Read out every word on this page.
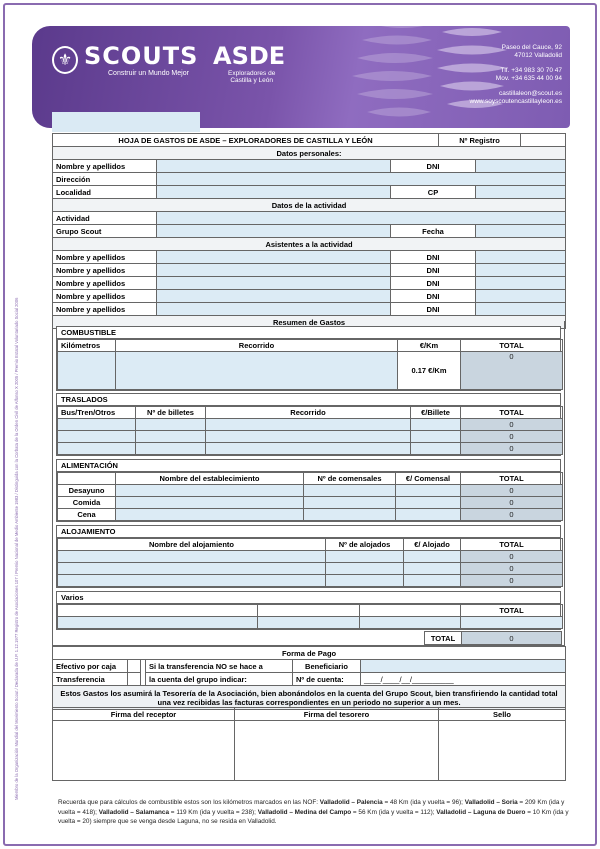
Miembro de la Organización Mundial del Movimiento Scout / Declarada de U.P. 1.12.1977 Registro de Asociaciones 107 / Premio Nacional de Medio Ambiente 1983 / Distinguida con la Corbata de la Orden Civil de Alfonso X 2005 / Premio Estatal Voluntariado Social 2006
⚜ SCOUTS
Construir un Mundo Mejor
ASDE
Exploradores de
Castilla y León
Paseo del Cauce, 92
47012 Valladolid
Tlf. +34 983 30 70 47
Mov. +34 635 44 00 94
castillaleon@scout.es
www.soyscoutencastillayleon.es
HOJA DE GASTOS DE ASDE – EXPLORADORES DE CASTILLA Y LEÓN			Nº Registro		
Datos personales:					
Nombre y apellidos		DNI			
Dirección					
Localidad		CP			
Datos de la actividad					
Actividad					
Grupo Scout		Fecha			
Asistentes a la actividad					
Nombre y apellidos		DNI			
Nombre y apellidos		DNI			
Nombre y apellidos		DNI			
Nombre y apellidos		DNI			
Nombre y apellidos		DNI			
Resumen de Gastos					
COMBUSTIBLE
Kilómetros	Recorrido	€/Km	TOTAL
		0.17 €/Km	0
TRASLADOS
Bus/Tren/Otros	Nº de billetes	Recorrido	€/Billete	TOTAL
				0
				0
				0
ALIMENTACIÓN
	Nombre del establecimiento	Nº de comensales	€/ Comensal	TOTAL
Desayuno				0
Comida				0
Cena				0
ALOJAMIENTO
Nombre del alojamiento	Nº de alojados	€/ Alojado	TOTAL
			0
			0
			0
Varios
			TOTAL

TOTAL	0
Forma de Pago					
Efectivo por caja			Si la transferencia NO se hace a	Beneficiario	
Transferencia			la cuenta del grupo indicar:	Nº de cuenta:	____/____/__/__________
Estos Gastos los asumirá la Tesorería de la Asociación, bien abonándolos en la cuenta del Grupo Scout, bien transfiriendo la cantidad total una vez recibidas las facturas correspondientes en un periodo no superior a un mes.					
Firma del receptor	Firma del tesorero	Sello

Recuerda que para cálculos de combustible estos son los kilómetros marcados en las NOF: Valladolid – Palencia = 48 Km (ida y vuelta = 96); Valladolid – Soria = 209 Km (ida y vuelta = 418); Valladolid – Salamanca = 119 Km (ida y vuelta = 238); Valladolid – Medina del Campo = 56 Km (ida y vuelta = 112); Valladolid – Laguna de Duero = 10 Km (ida y vuelta = 20) siempre que se venga desde Laguna, no se resida en Valladolid.
